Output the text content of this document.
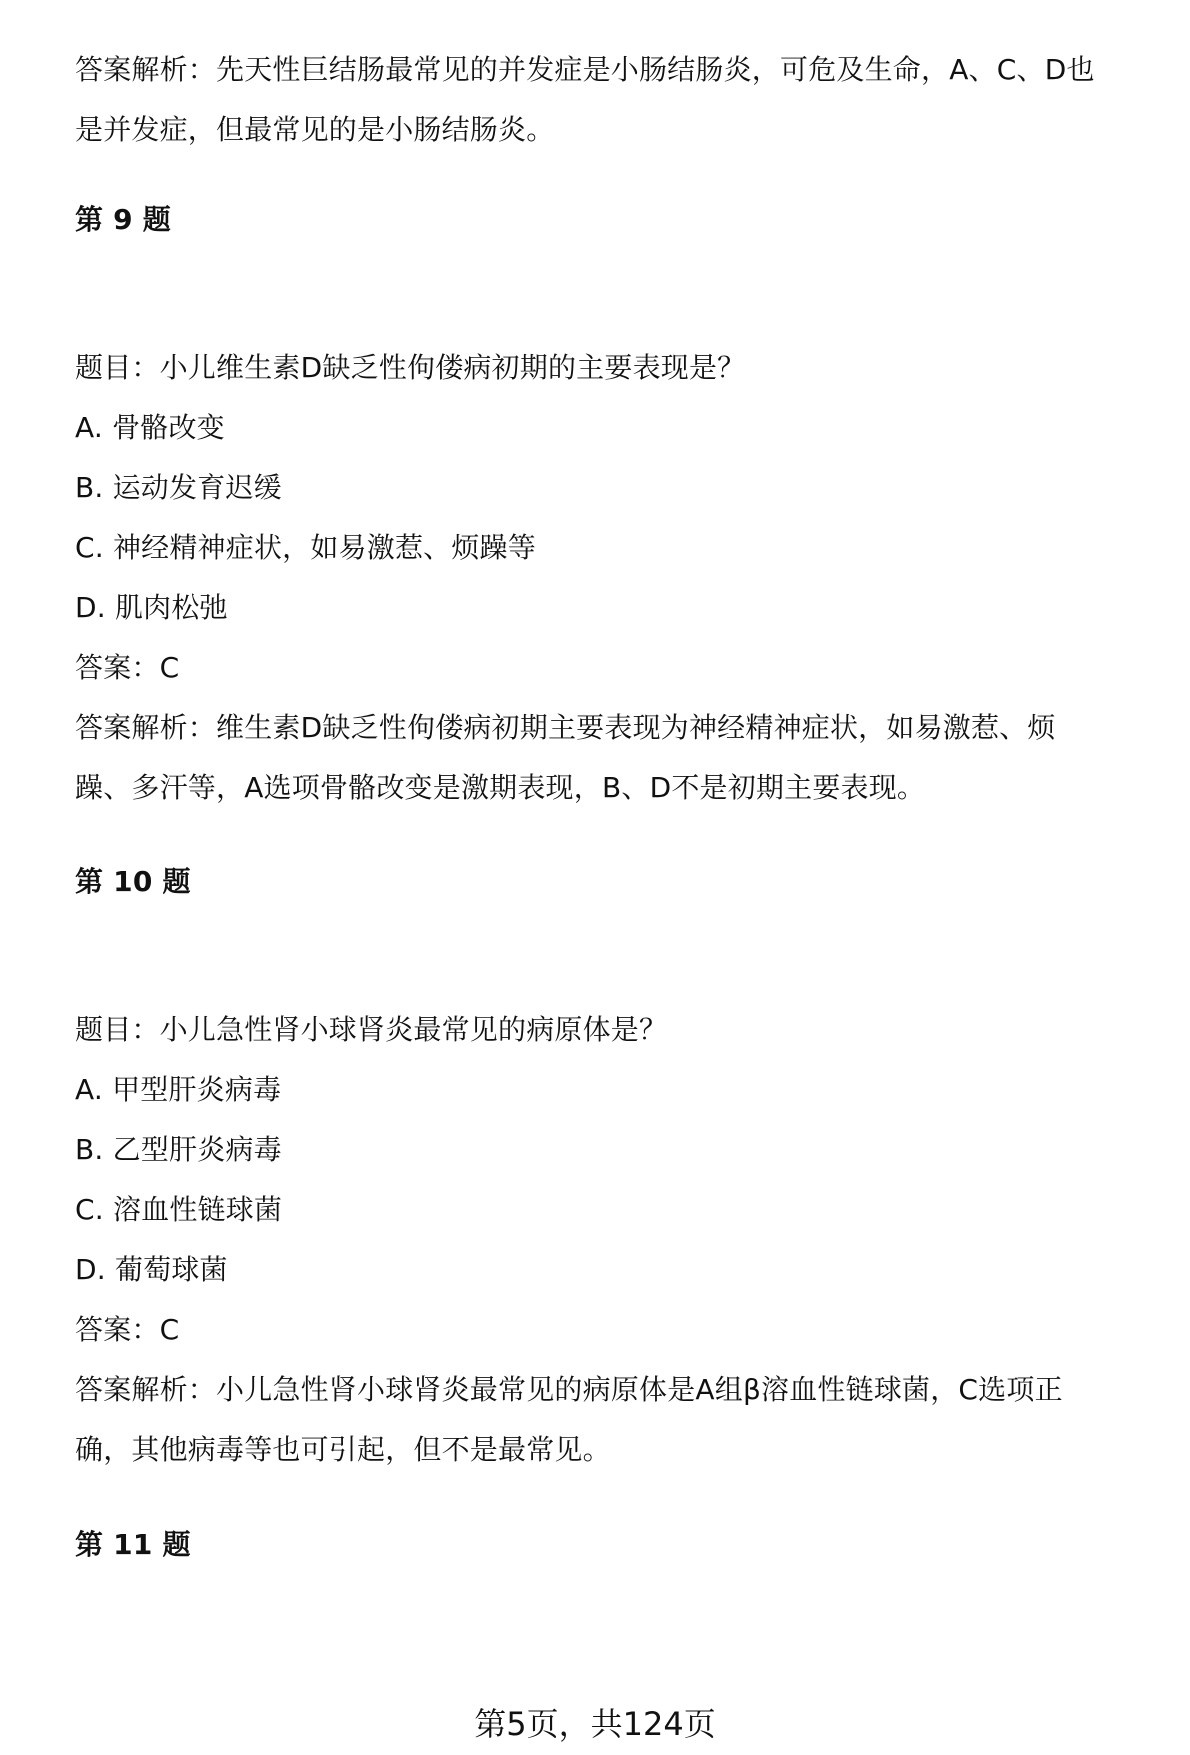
答案解析：先天性巨结肠最常见的并发症是小肠结肠炎，可危及生命，A、C、D也
是并发症，但最常见的是小肠结肠炎。
第 9 题
题目：小儿维生素D缺乏性佝偻病初期的主要表现是？
A. 骨骼改变
B. 运动发育迟缓
C. 神经精神症状，如易激惹、烦躁等
D. 肌肉松弛
答案：C
答案解析：维生素D缺乏性佝偻病初期主要表现为神经精神症状，如易激惹、烦
躁、多汗等，A选项骨骼改变是激期表现，B、D不是初期主要表现。
第 10 题
题目：小儿急性肾小球肾炎最常见的病原体是？
A. 甲型肝炎病毒
B. 乙型肝炎病毒
C. 溶血性链球菌
D. 葡萄球菌
答案：C
答案解析：小儿急性肾小球肾炎最常见的病原体是A组β溶血性链球菌，C选项正
确，其他病毒等也可引起，但不是最常见。
第 11 题
第5页，共124页
